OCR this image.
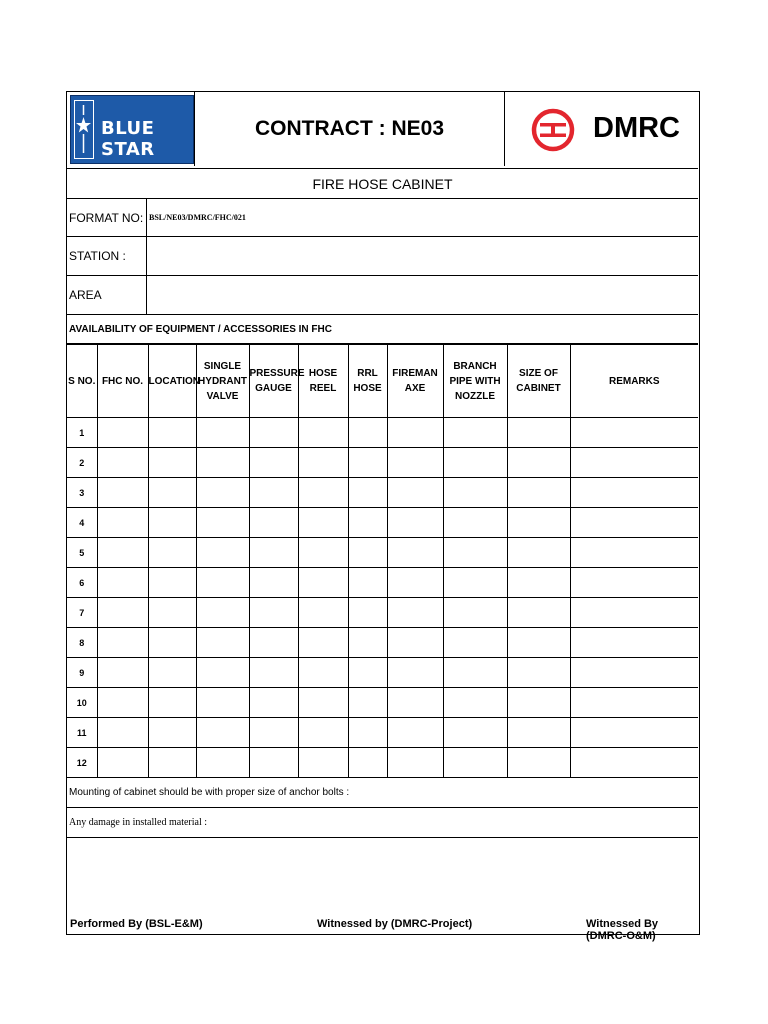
BLUE STAR
CONTRACT : NE03	DMRC
FIRE HOSE CABINET
FORMAT NO: BSL/NE03/DMRC/FHC/021
STATION :
AREA
AVAILABILITY OF EQUIPMENT / ACCESSORIES IN FHC
S NO.	FHC NO.	LOCATION	SINGLE HYDRANT VALVE	PRESSURE GAUGE	HOSE REEL	RRL HOSE	FIREMAN AXE	BRANCH PIPE WITH NOZZLE	SIZE OF CABINET	REMARKS
1										
2										
3										
4										
5										
6										
7										
8										
9										
10										
11										
12										
Mounting of cabinet should be with proper size of anchor bolts :
Any damage in installed material :
Performed By (BSL-E&M)	Witnessed by (DMRC-Project)	Witnessed By (DMRC-O&M)
